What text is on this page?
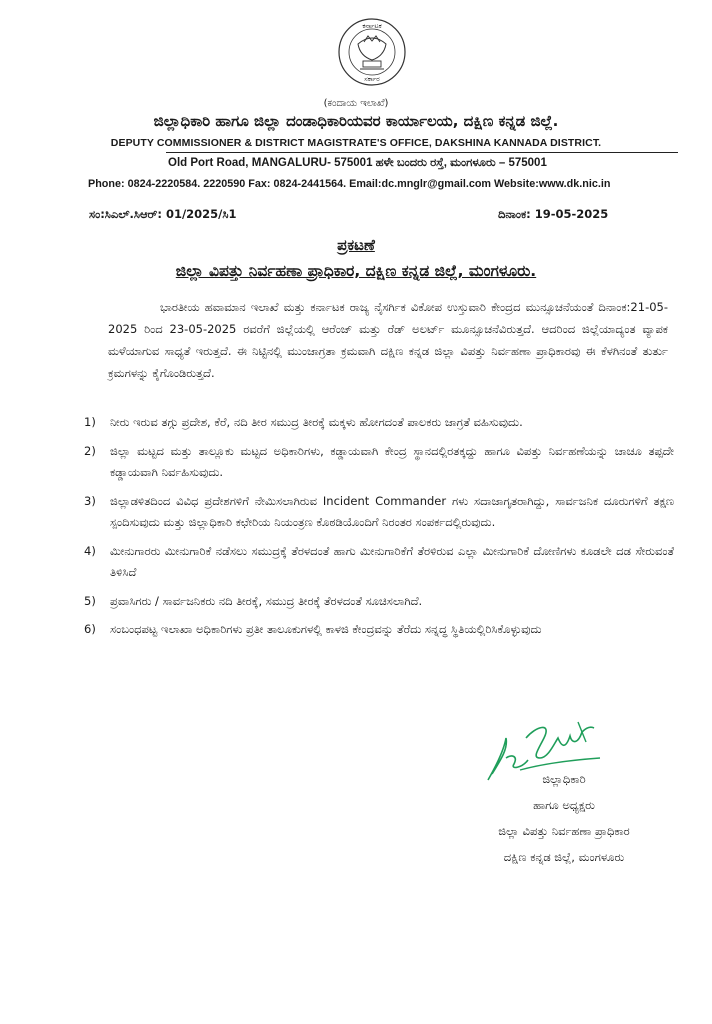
ಕರ್ನಾಟಕ
ಸರ್ಕಾರ
(ಕಂದಾಯ ಇಲಾಖೆ)
ಜಿಲ್ಲಾಧಿಕಾರಿ ಹಾಗೂ ಜಿಲ್ಲಾ ದಂಡಾಧಿಕಾರಿಯವರ ಕಾರ್ಯಾಲಯ, ದಕ್ಷಿಣ ಕನ್ನಡ ಜಿಲ್ಲೆ.
DEPUTY COMMISSIONER & DISTRICT MAGISTRATE'S OFFICE, DAKSHINA KANNADA DISTRICT.
Old Port Road, MANGALURU- 575001 ಹಳೇ ಬಂದರು ರಸ್ತೆ, ಮಂಗಳೂರು – 575001
Phone: 0824-2220584. 2220590 Fax: 0824-2441564. Email:dc.mnglr@gmail.com Website:www.dk.nic.in
ಸಂ:ಸಿಎಲ್.ಸಿಆರ್: 01/2025/ಸಿ1	ದಿನಾಂಕ: 19-05-2025
ಪ್ರಕಟಣೆ
ಜಿಲ್ಲಾ ವಿಪತ್ತು ನಿರ್ವಹಣಾ ಪ್ರಾಧಿಕಾರ, ದಕ್ಷಿಣ ಕನ್ನಡ ಜಿಲ್ಲೆ, ಮಂಗಳೂರು.
ಭಾರತೀಯ ಹವಾಮಾನ ಇಲಾಖೆ ಮತ್ತು ಕರ್ನಾಟಕ ರಾಜ್ಯ ನೈಸರ್ಗಿಕ ವಿಕೋಪ ಉಸ್ತುವಾರಿ ಕೇಂದ್ರದ ಮುನ್ಸೂಚನೆಯಂತೆ ದಿನಾಂಕ:21-05-2025 ರಿಂದ 23-05-2025 ರವರೆಗೆ ಜಿಲ್ಲೆಯಲ್ಲಿ ಆರೆಂಜ್ ಮತ್ತು ರೆಡ್ ಅಲರ್ಟ್ ಮೂನ್ಸೂಚನೆವಿರುತ್ತದೆ. ಆದರಿಂದ ಜಿಲ್ಲೆಯಾದ್ಯಂತ ವ್ಯಾಪಕ ಮಳೆಯಾಗುವ ಸಾಧ್ಯತೆ ಇರುತ್ತದೆ. ಈ ನಿಟ್ಟಿನಲ್ಲಿ ಮುಂಜಾಗ್ರತಾ ಕ್ರಮವಾಗಿ ದಕ್ಷಿಣ ಕನ್ನಡ ಜಿಲ್ಲಾ ವಿಪತ್ತು ನಿರ್ವಹಣಾ ಪ್ರಾಧಿಕಾರವು ಈ ಕೆಳಗಿನಂತೆ ತುರ್ತು ಕ್ರಮಗಳನ್ನು ಕೈಗೊಂಡಿರುತ್ತದೆ.
1) ನೀರು ಇರುವ ತಗ್ಗು ಪ್ರದೇಶ, ಕೆರೆ, ನದಿ ತೀರ ಸಮುದ್ರ ತೀರಕ್ಕೆ ಮಕ್ಕಳು ಹೋಗದಂತೆ ಪಾಲಕರು ಜಾಗ್ರತೆ ವಹಿಸುವುದು.
2) ಜಿಲ್ಲಾ ಮಟ್ಟದ ಮತ್ತು ತಾಲ್ಲೂಕು ಮಟ್ಟದ ಅಧಿಕಾರಿಗಳು, ಕಡ್ಡಾಯವಾಗಿ ಕೇಂದ್ರ ಸ್ಥಾನದಲ್ಲಿರತಕ್ಕದ್ದು ಹಾಗೂ ವಿಪತ್ತು ನಿರ್ವಹಣೆಯನ್ನು ಚಾಚೂ ತಪ್ಪದೇ ಕಡ್ಡಾಯವಾಗಿ ನಿರ್ವಹಿಸುವುದು.
3) ಜಿಲ್ಲಾಡಳಿತದಿಂದ ವಿವಿಧ ಪ್ರದೇಶಗಳಿಗೆ ನೇಮಿಸಲಾಗಿರುವ Incident Commander ಗಳು ಸದಾಜಾಗೃತರಾಗಿದ್ದು, ಸಾರ್ವಜನಿಕ ದೂರುಗಳಿಗೆ ತಕ್ಷಣ ಸ್ಪಂದಿಸುವುದು ಮತ್ತು ಜಿಲ್ಲಾಧಿಕಾರಿ ಕಛೇರಿಯ ನಿಯಂತ್ರಣ ಕೊಠಡಿಯೊಂದಿಗೆ ನಿರಂತರ ಸಂಪರ್ಕದಲ್ಲಿರುವುದು.
4) ಮೀನುಗಾರರು ಮೀನುಗಾರಿಕೆ ನಡೆಸಲು ಸಮುದ್ರಕ್ಕೆ ತೆರಳದಂತೆ ಹಾಗು ಮೀನುಗಾರಿಕೆಗೆ ತೆರಳಿರುವ ಎಲ್ಲಾ ಮೀನುಗಾರಿಕೆ ದೋಣಿಗಳು ಕೂಡಲೇ ದಡ ಸೇರುವಂತೆ ತಿಳಿಸಿದೆ
5) ಪ್ರವಾಸಿಗರು / ಸಾರ್ವಜನಿಕರು ನದಿ ತೀರಕ್ಕೆ, ಸಮುದ್ರ ತೀರಕ್ಕೆ ತೆರಳದಂತೆ ಸೂಚಿಸಲಾಗಿದೆ.
6) ಸಂಬಂಧಪಟ್ಟ ಇಲಾಖಾ ಅಧಿಕಾರಿಗಳು ಪ್ರತೀ ತಾಲೂಕುಗಳಲ್ಲಿ ಕಾಳಜಿ ಕೇಂದ್ರವನ್ನು ತೆರೆದು ಸನ್ನದ್ಧ ಸ್ಥಿತಿಯಲ್ಲಿರಿಸಿಕೊಳ್ಳುವುದು
ಜಿಲ್ಲಾಧಿಕಾರಿ
ಹಾಗೂ ಅಧ್ಯಕ್ಷರು
ಜಿಲ್ಲಾ ವಿಪತ್ತು ನಿರ್ವಹಣಾ ಪ್ರಾಧಿಕಾರ
ದಕ್ಷಿಣ ಕನ್ನಡ ಜಿಲ್ಲೆ, ಮಂಗಳೂರು
